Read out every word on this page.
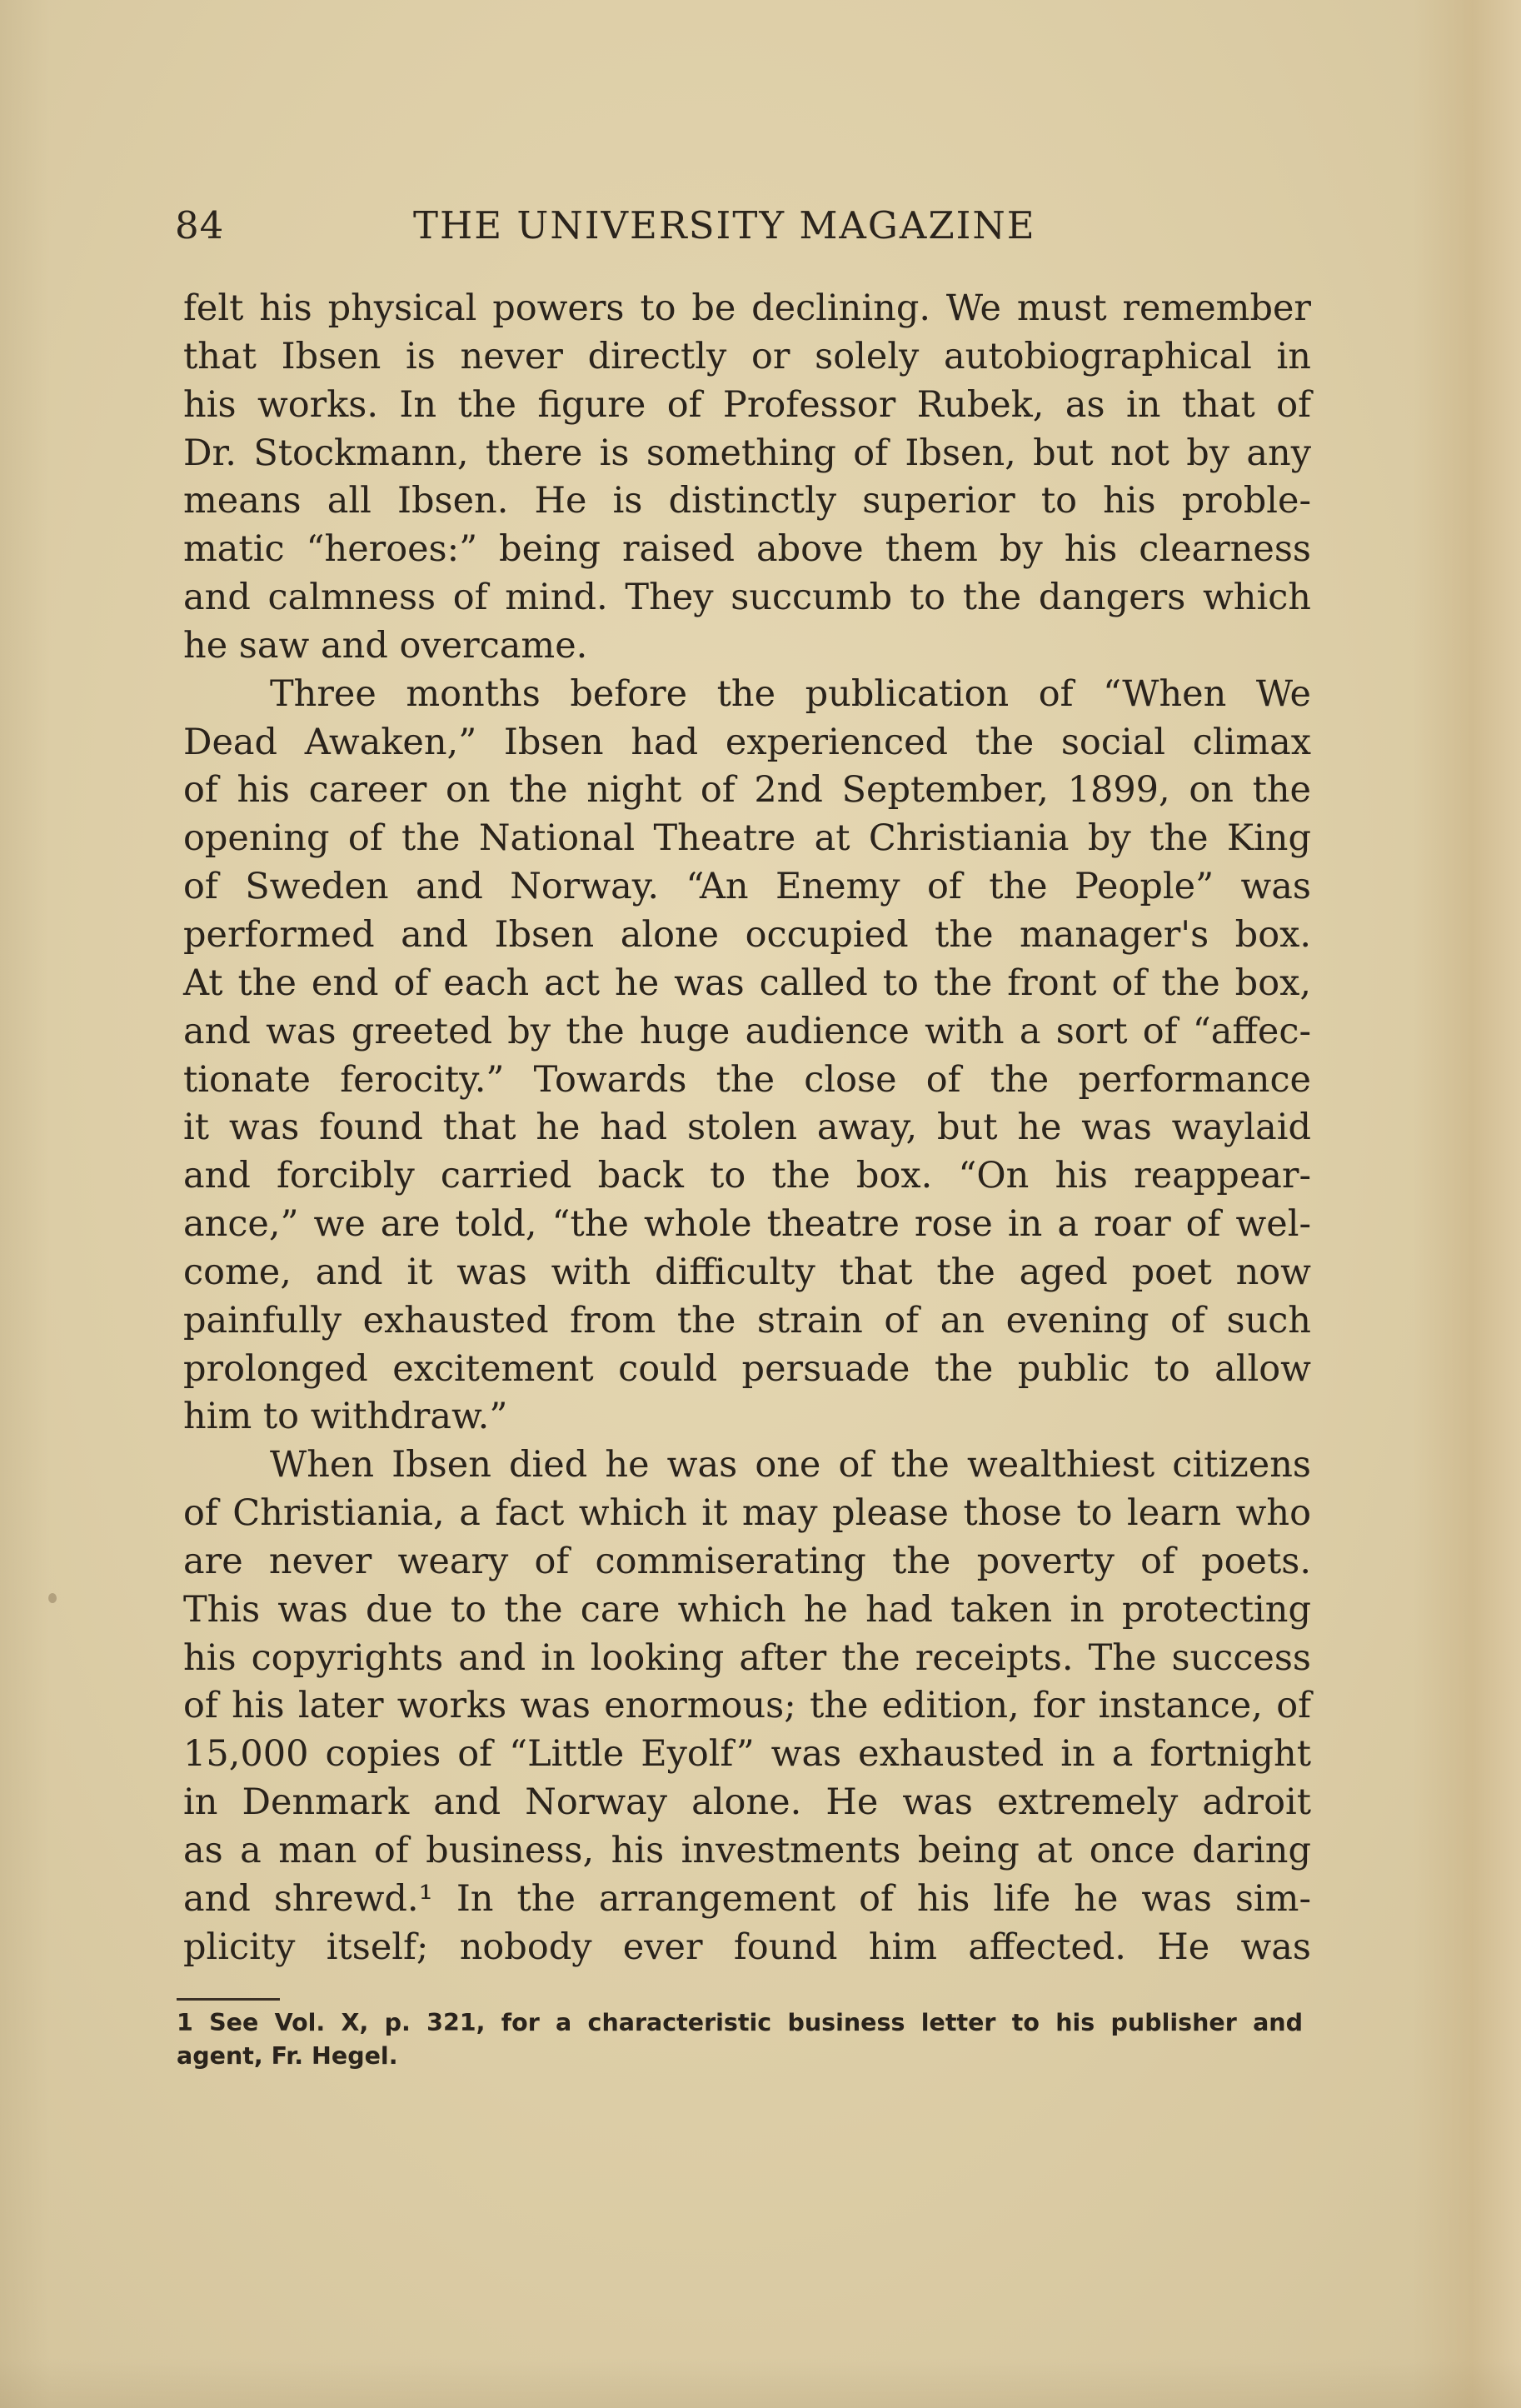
84	THE UNIVERSITY MAGAZINE
felt his physical powers to be declining. We must remember
that Ibsen is never directly or solely autobiographical in
his works. In the figure of Professor Rubek, as in that of
Dr. Stockmann, there is something of Ibsen, but not by any
means all Ibsen. He is distinctly superior to his proble-
matic “heroes:” being raised above them by his clearness
and calmness of mind. They succumb to the dangers which
he saw and overcame.
Three months before the publication of “When We
Dead Awaken,” Ibsen had experienced the social climax
of his career on the night of 2nd September, 1899, on the
opening of the National Theatre at Christiania by the King
of Sweden and Norway. “An Enemy of the People” was
performed and Ibsen alone occupied the manager's box.
At the end of each act he was called to the front of the box,
and was greeted by the huge audience with a sort of “affec-
tionate ferocity.” Towards the close of the performance
it was found that he had stolen away, but he was waylaid
and forcibly carried back to the box. “On his reappear-
ance,” we are told, “the whole theatre rose in a roar of wel-
come, and it was with difficulty that the aged poet now
painfully exhausted from the strain of an evening of such
prolonged excitement could persuade the public to allow
him to withdraw.”
When Ibsen died he was one of the wealthiest citizens
of Christiania, a fact which it may please those to learn who
are never weary of commiserating the poverty of poets.
This was due to the care which he had taken in protecting
his copyrights and in looking after the receipts. The success
of his later works was enormous; the edition, for instance, of
15,000 copies of “Little Eyolf” was exhausted in a fortnight
in Denmark and Norway alone. He was extremely adroit
as a man of business, his investments being at once daring
and shrewd.¹ In the arrangement of his life he was sim-
plicity itself; nobody ever found him affected. He was
1 See Vol. X, p. 321, for a characteristic business letter to his publisher and
agent, Fr. Hegel.
